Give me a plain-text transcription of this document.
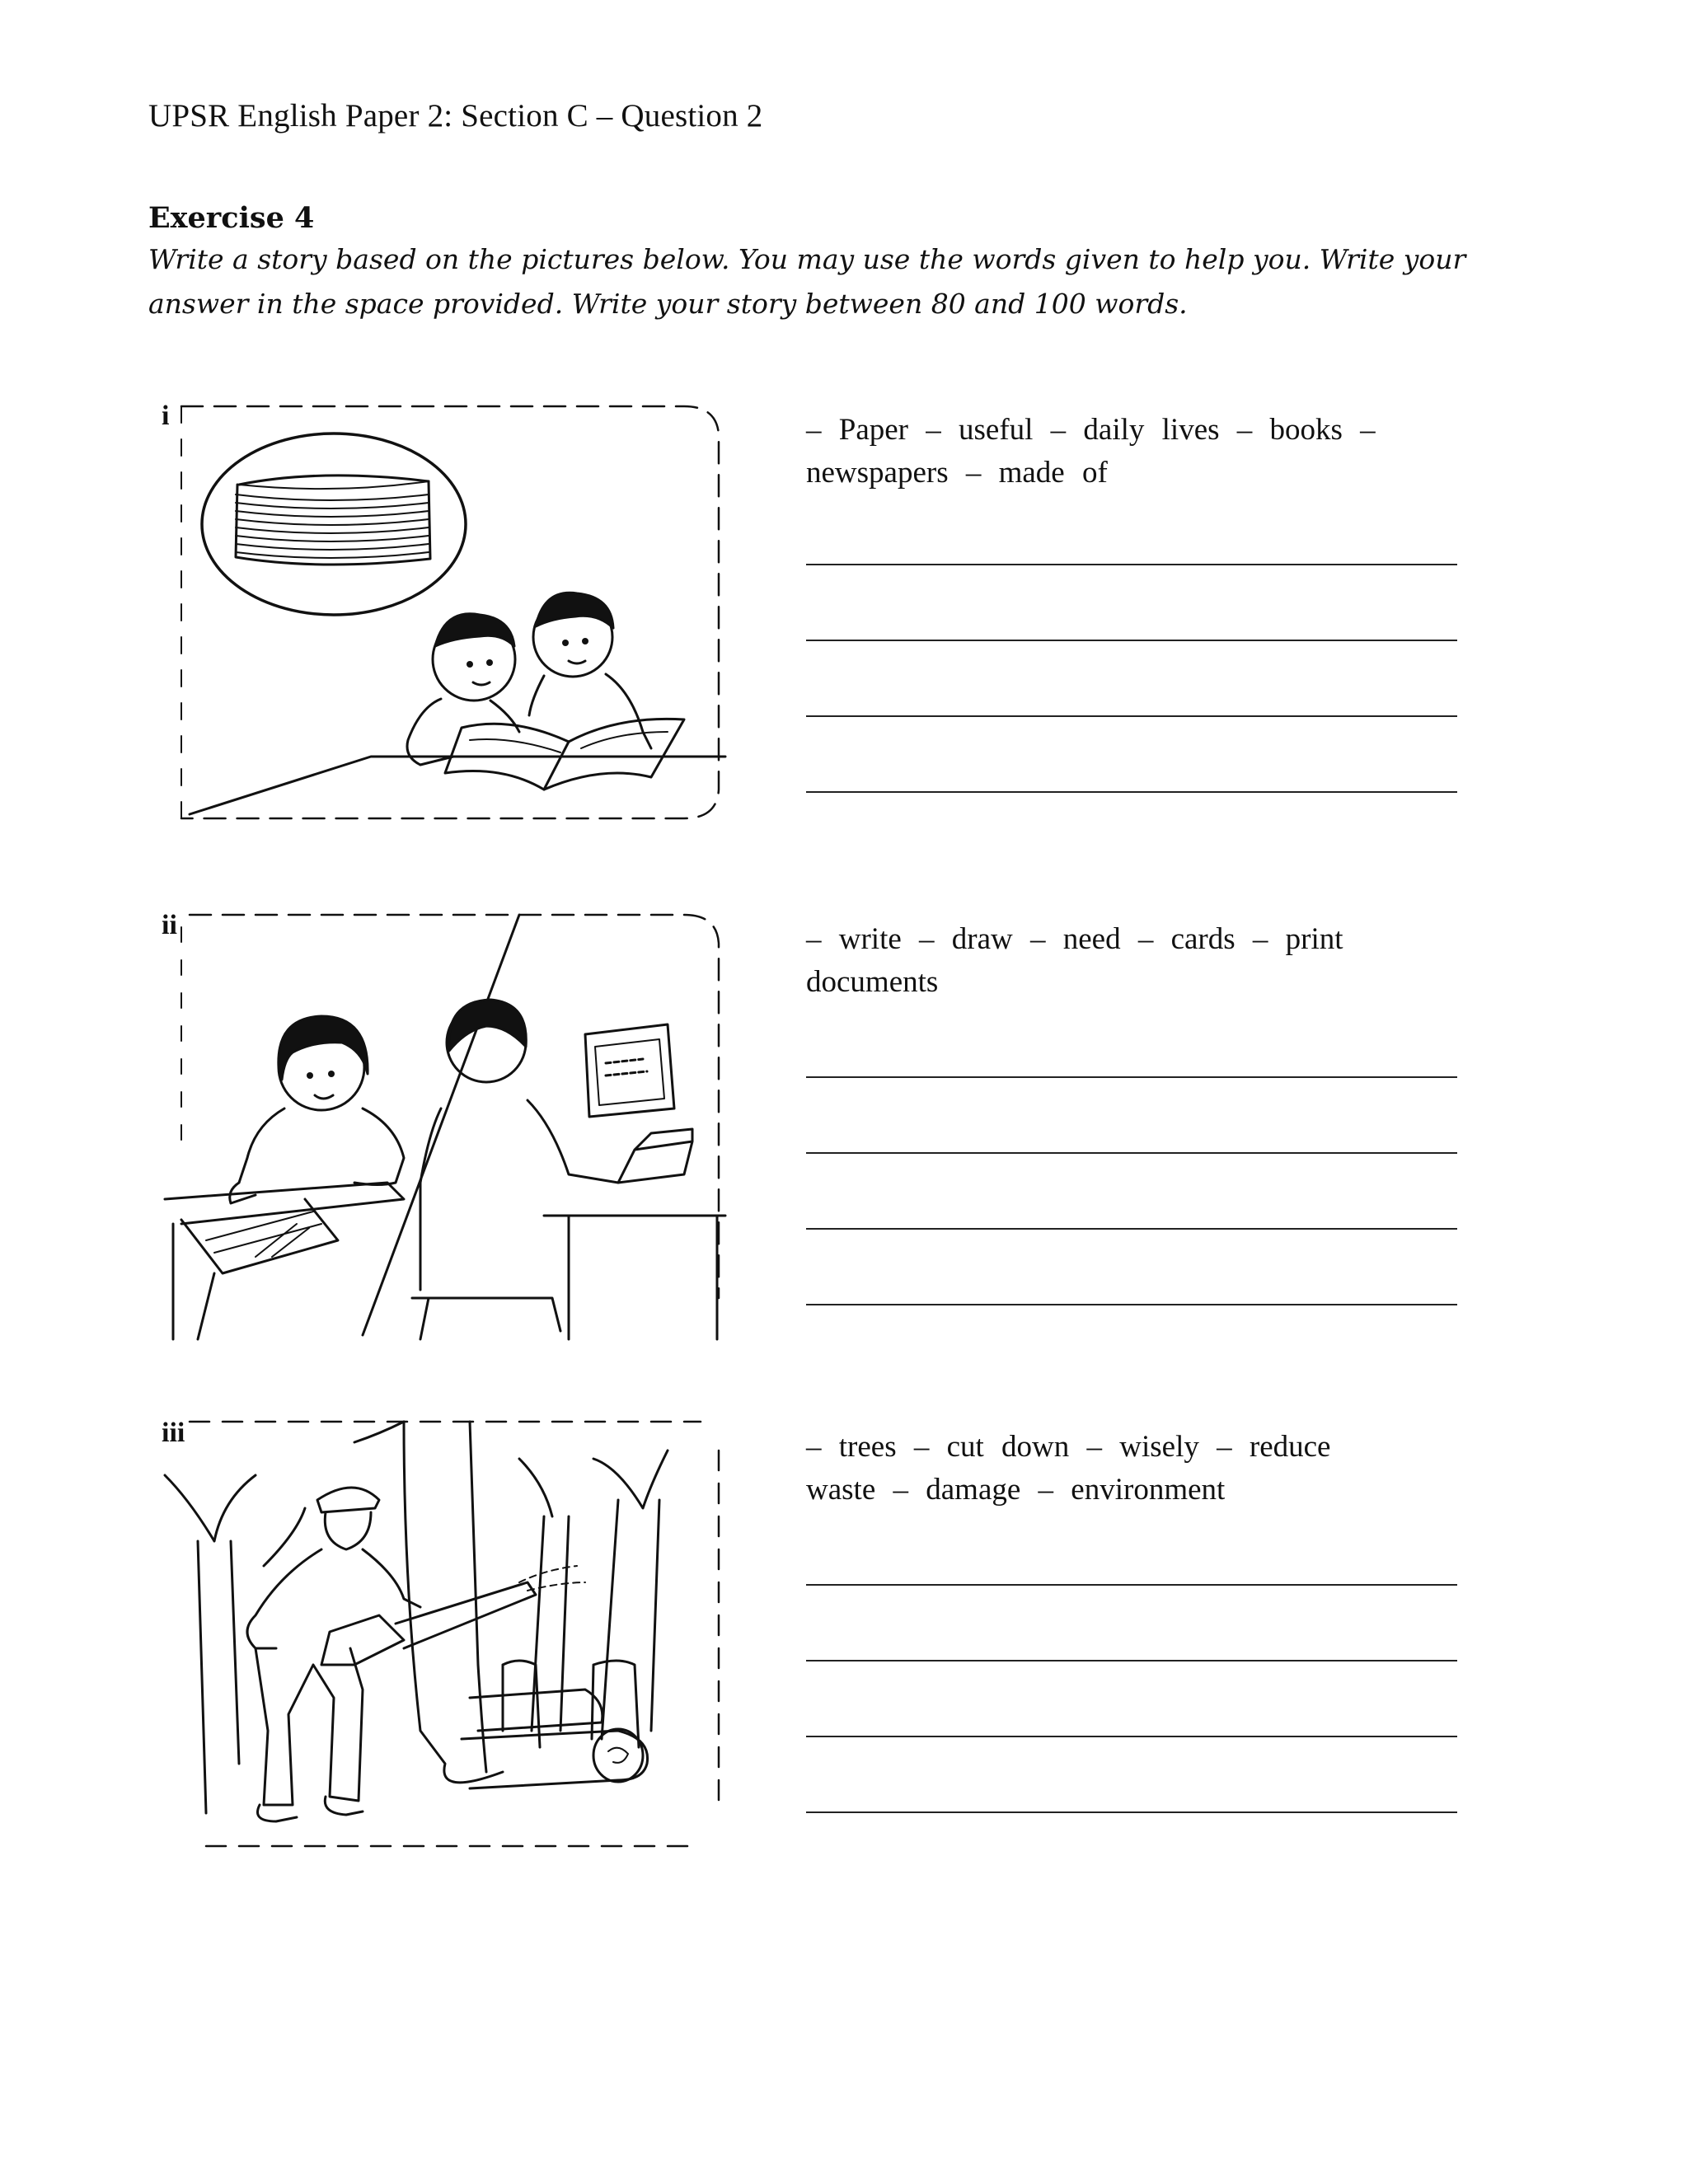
UPSR English Paper 2: Section C – Question 2
Exercise 4
Write a story based on the pictures below. You may use the words given to help you. Write your answer in the space provided. Write your story between 80 and 100 words.
i	– Paper – useful – daily lives – books – newspapers – made of
ii	– write – draw – need – cards – print documents
iii	– trees – cut down – wisely – reduce waste – damage – environment
